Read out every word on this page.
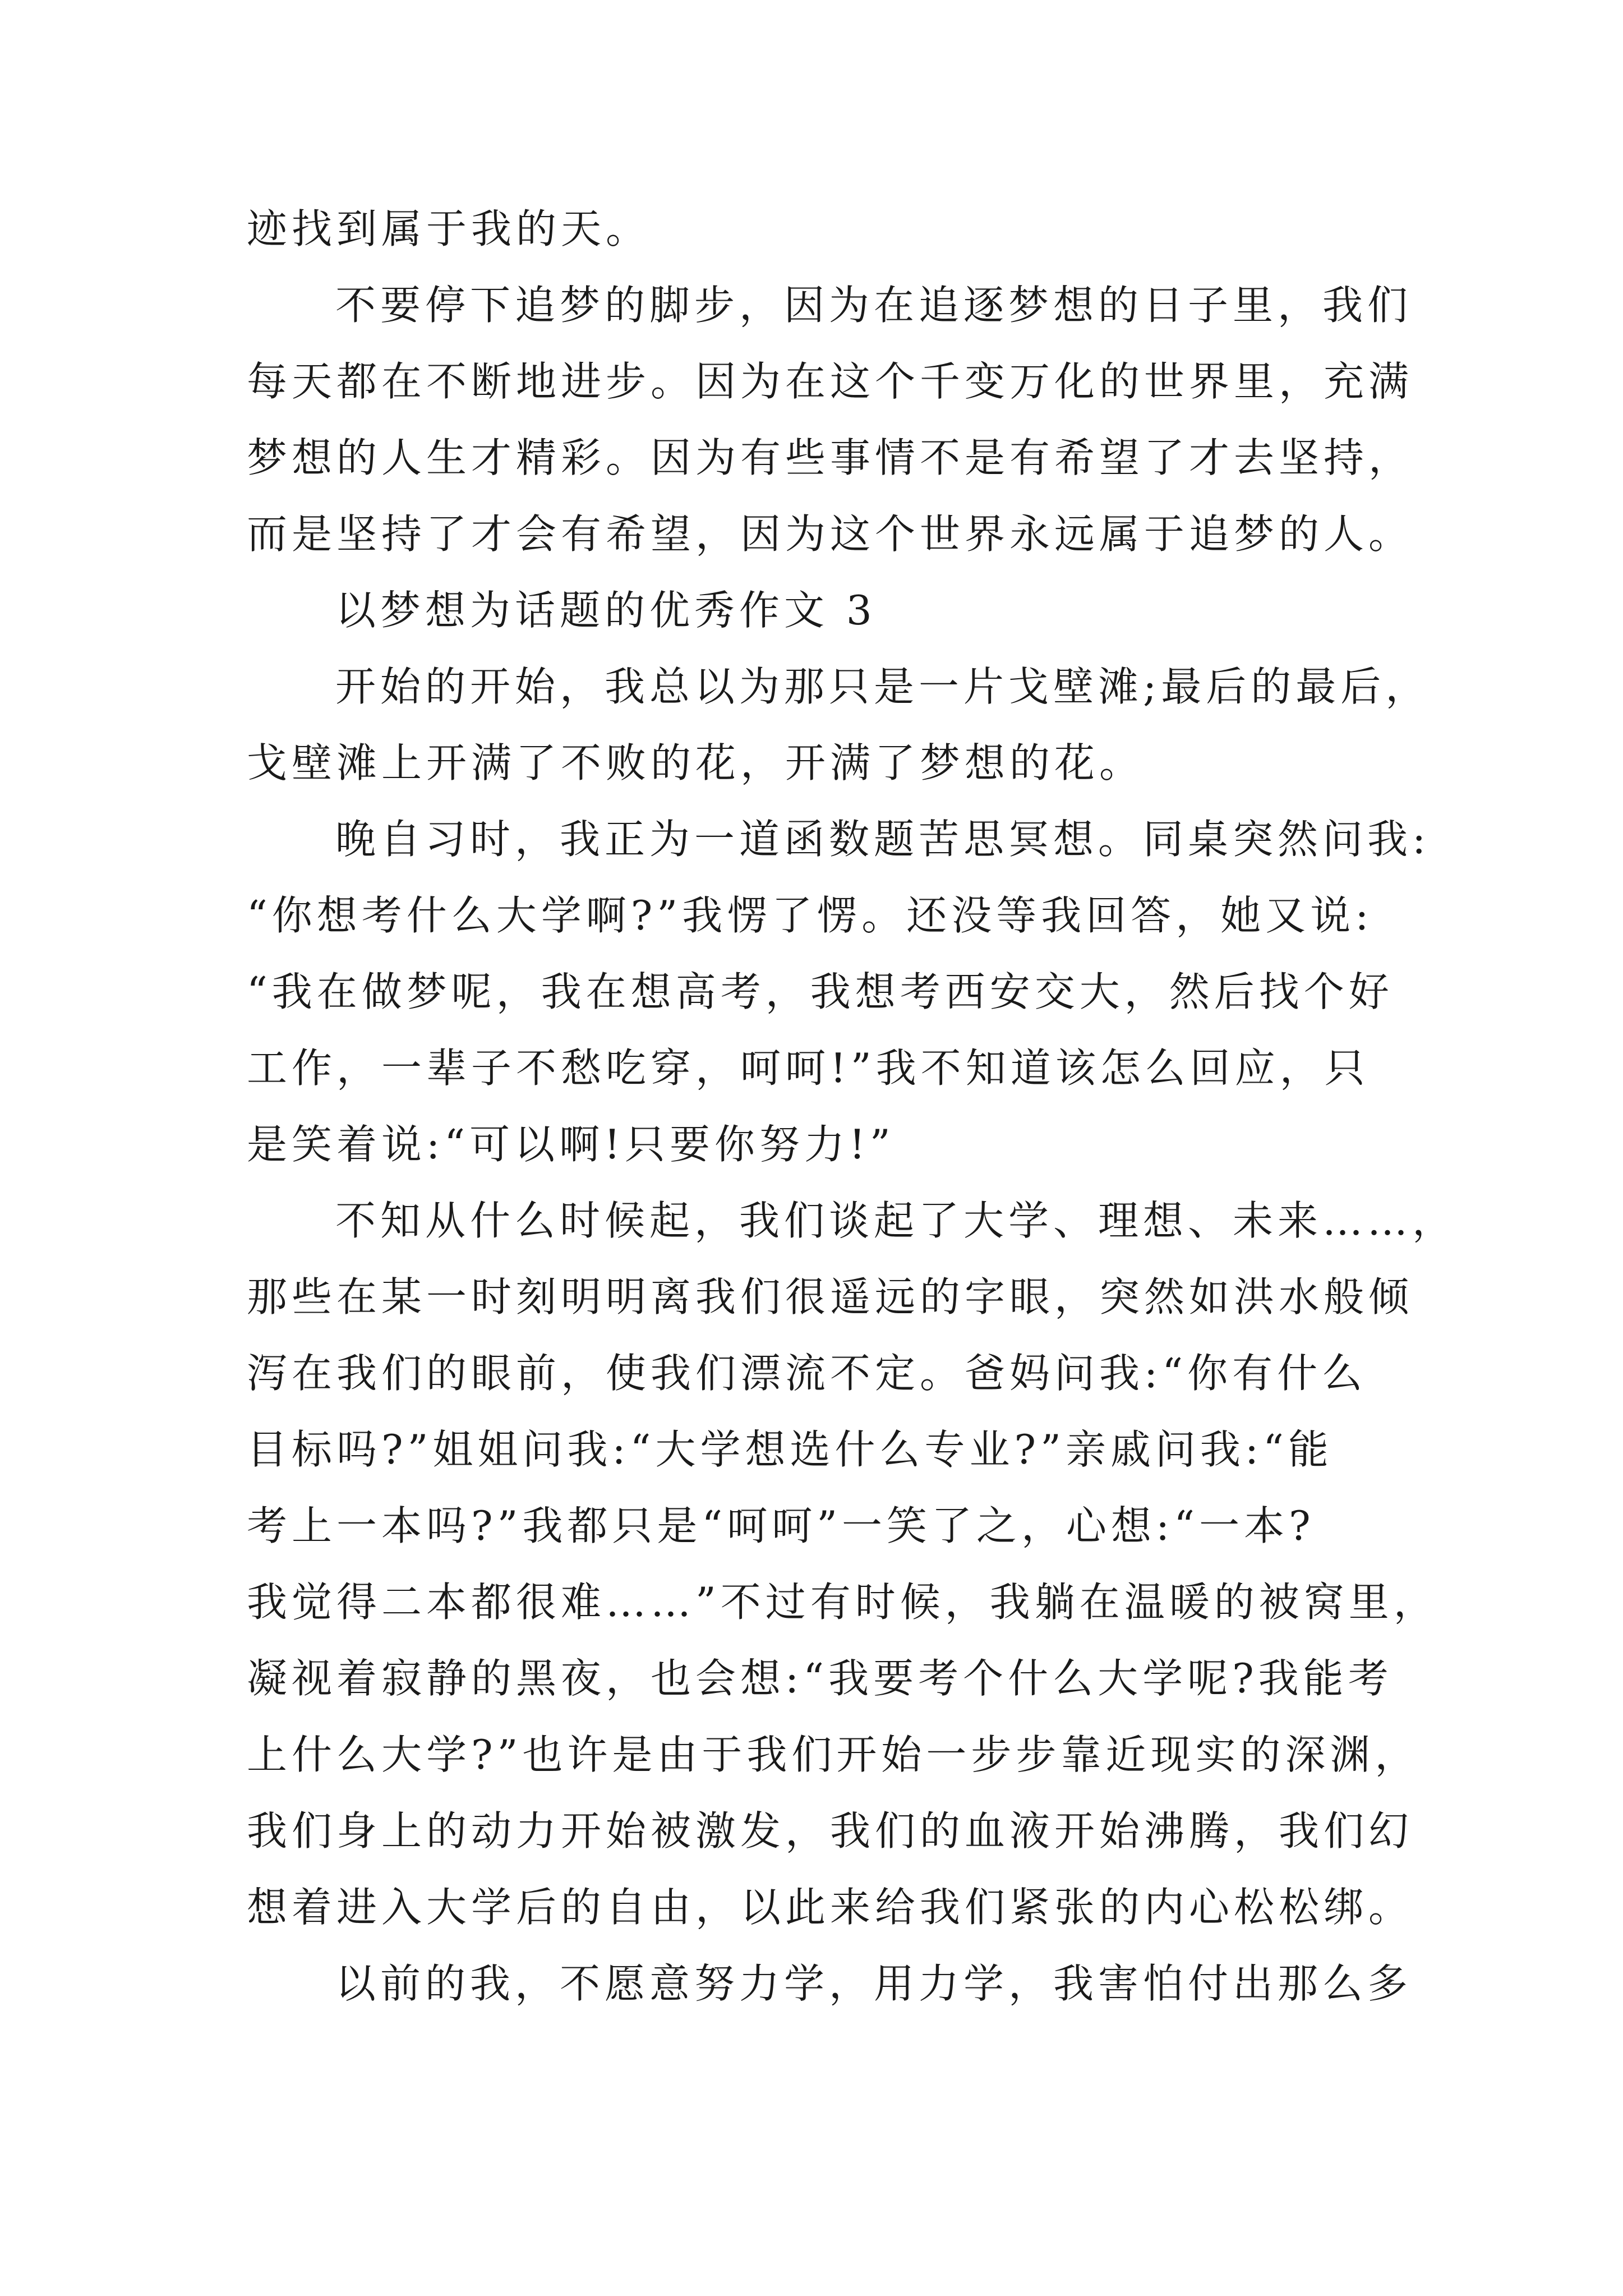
迹找到属于我的天。
不要停下追梦的脚步，因为在追逐梦想的日子里，我们
每天都在不断地进步。因为在这个千变万化的世界里，充满
梦想的人生才精彩。因为有些事情不是有希望了才去坚持，
而是坚持了才会有希望，因为这个世界永远属于追梦的人。
以梦想为话题的优秀作文 3
开始的开始，我总以为那只是一片戈壁滩;最后的最后，
戈壁滩上开满了不败的花，开满了梦想的花。
晚自习时，我正为一道函数题苦思冥想。同桌突然问我:
“你想考什么大学啊?”我愣了愣。还没等我回答，她又说:
“我在做梦呢，我在想高考，我想考西安交大，然后找个好
工作，一辈子不愁吃穿，呵呵!”我不知道该怎么回应，只
是笑着说:“可以啊!只要你努力!”
不知从什么时候起，我们谈起了大学、理想、未来……，
那些在某一时刻明明离我们很遥远的字眼，突然如洪水般倾
泻在我们的眼前，使我们漂流不定。爸妈问我:“你有什么
目标吗?”姐姐问我:“大学想选什么专业?”亲戚问我:“能
考上一本吗?”我都只是“呵呵”一笑了之，心想:“一本?
我觉得二本都很难……”不过有时候，我躺在温暖的被窝里，
凝视着寂静的黑夜，也会想:“我要考个什么大学呢?我能考
上什么大学?”也许是由于我们开始一步步靠近现实的深渊，
我们身上的动力开始被激发，我们的血液开始沸腾，我们幻
想着进入大学后的自由，以此来给我们紧张的内心松松绑。
以前的我，不愿意努力学，用力学，我害怕付出那么多
